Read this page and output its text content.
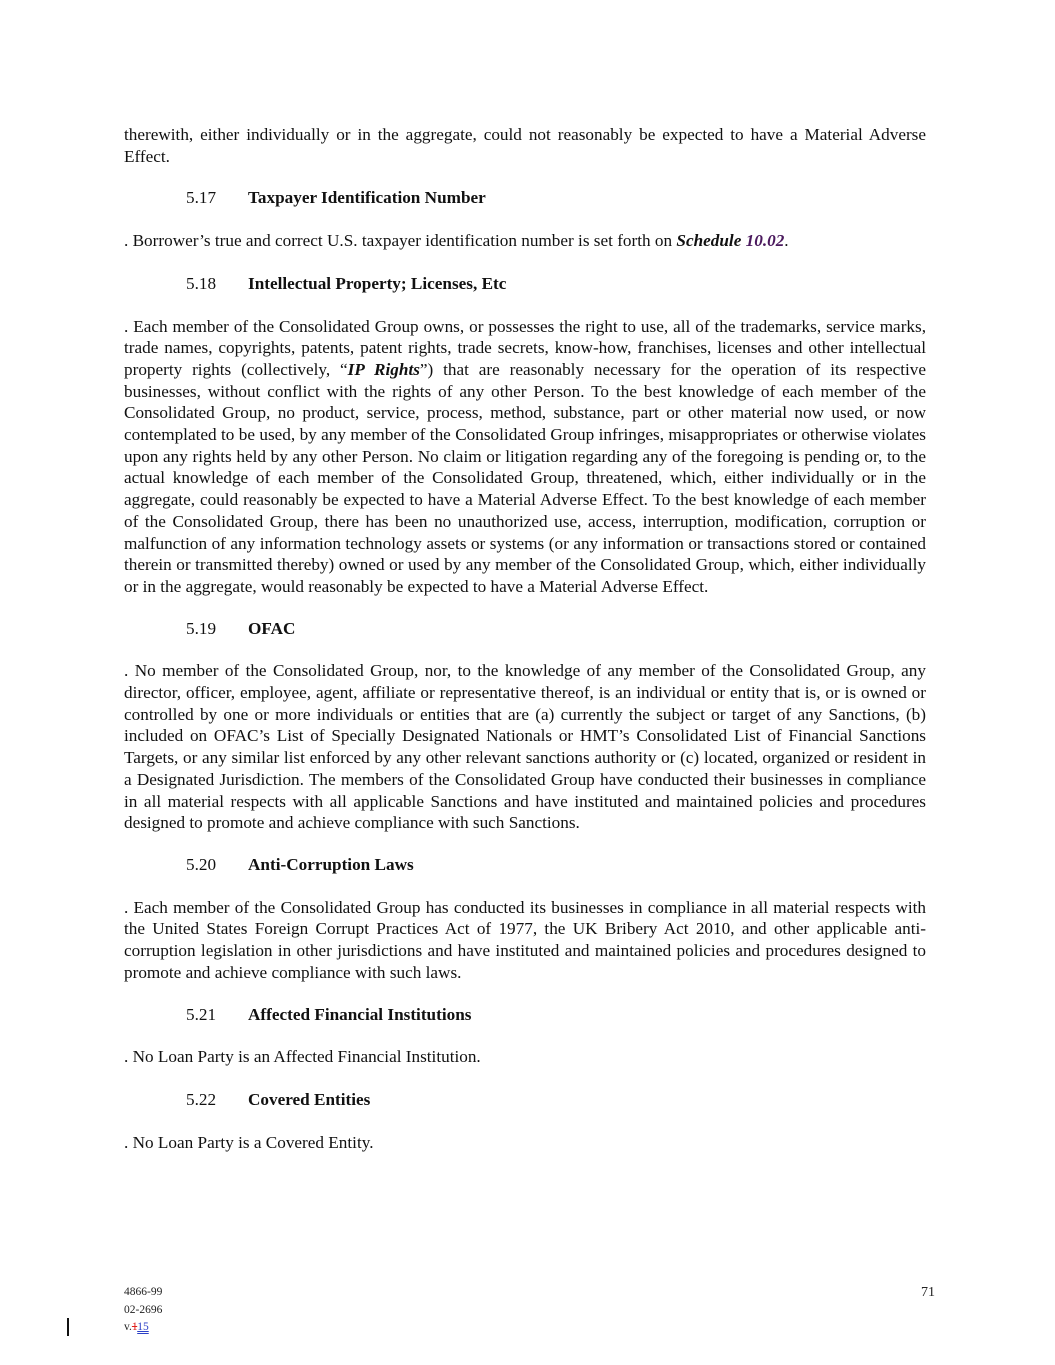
therewith, either individually or in the aggregate, could not reasonably be expected to have a Material Adverse Effect.

5.17	Taxpayer Identification Number

. Borrower’s true and correct U.S. taxpayer identification number is set forth on Schedule 10.02.

5.18	Intellectual Property; Licenses, Etc

. Each member of the Consolidated Group owns, or possesses the right to use, all of the trademarks, service marks, trade names, copyrights, patents, patent rights, trade secrets, know-how, franchises, licenses and other intellectual property rights (collectively, “IP Rights”) that are reasonably necessary for the operation of its respective businesses, without conflict with the rights of any other Person. To the best knowledge of each member of the Consolidated Group, no product, service, process, method, substance, part or other material now used, or now contemplated to be used, by any member of the Consolidated Group infringes, misappropriates or otherwise violates upon any rights held by any other Person. No claim or litigation regarding any of the foregoing is pending or, to the actual knowledge of each member of the Consolidated Group, threatened, which, either individually or in the aggregate, could reasonably be expected to have a Material Adverse Effect. To the best knowledge of each member of the Consolidated Group, there has been no unauthorized use, access, interruption, modification, corruption or malfunction of any information technology assets or systems (or any information or transactions stored or contained therein or transmitted thereby) owned or used by any member of the Consolidated Group, which, either individually or in the aggregate, would reasonably be expected to have a Material Adverse Effect.

5.19	OFAC

. No member of the Consolidated Group, nor, to the knowledge of any member of the Consolidated Group, any director, officer, employee, agent, affiliate or representative thereof, is an individual or entity that is, or is owned or controlled by one or more individuals or entities that are (a) currently the subject or target of any Sanctions, (b) included on OFAC’s List of Specially Designated Nationals or HMT’s Consolidated List of Financial Sanctions Targets, or any similar list enforced by any other relevant sanctions authority or (c) located, organized or resident in a Designated Jurisdiction. The members of the Consolidated Group have conducted their businesses in compliance in all material respects with all applicable Sanctions and have instituted and maintained policies and procedures designed to promote and achieve compliance with such Sanctions.

5.20	Anti-Corruption Laws

. Each member of the Consolidated Group has conducted its businesses in compliance in all material respects with the United States Foreign Corrupt Practices Act of 1977, the UK Bribery Act 2010, and other applicable anti-corruption legislation in other jurisdictions and have instituted and maintained policies and procedures designed to promote and achieve compliance with such laws.

5.21	Affected Financial Institutions

. No Loan Party is an Affected Financial Institution.

5.22	Covered Entities

. No Loan Party is a Covered Entity.

4866-99
02-2696
v.115
71
